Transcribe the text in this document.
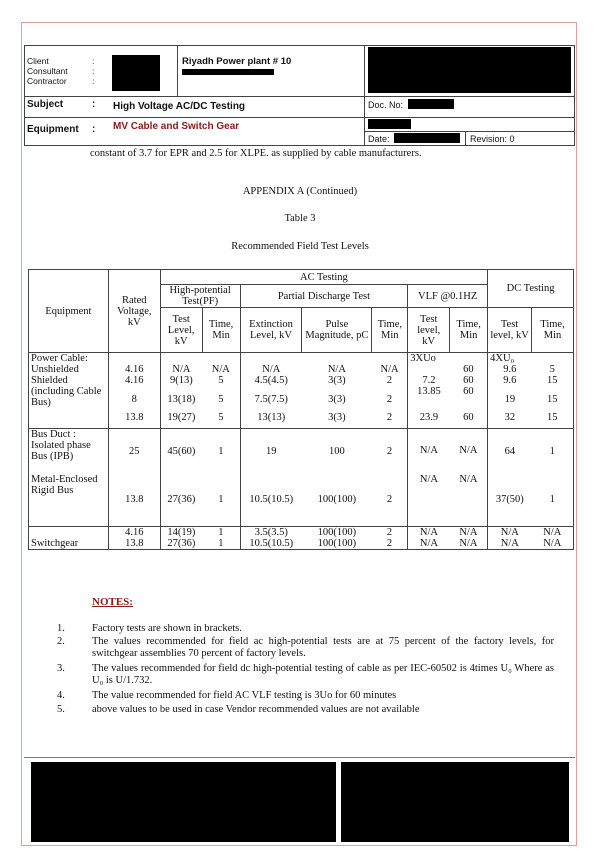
Client
Consultant
Contractor
:
:
:
Riyadh Power plant # 10
Subject	: High Voltage AC/DC Testing	Doc. No:
Equipment : MV Cable and Switch Gear
Date:	Revision: 0
constant of 3.7 for EPR and 2.5 for XLPE. as supplied by cable manufacturers.
APPENDIX A (Continued)
Table 3
Recommended Field Test Levels
Equipment	Rated Voltage, kV	AC Testing							DC Testing	
		High-potential Test(PF)		Partial Discharge Test			VLF @0.1HZ			
		Test Level, kV	Time, Min	Extinction Level, kV	Pulse Magnitude, pC	Time, Min	Test level, kV	Time, Min	Test level, kV	Time, Min
Power Cable:							3XUo		4XU₀	
Unshielded	4.16	N/A	N/A	N/A	N/A	N/A		60	9.6	5
Shielded	4.16	9(13)	5	4.5(4.5)	3(3)	2	7.2	60	9.6	15
(including Cable Bus)	8	13(18)	5	7.5(7.5)	3(3)	2	13.85	60	19	15
	13.8	19(27)	5	13(13)	3(3)	2	23.9	60	32	15
Bus Duct : Isolated phase Bus (IPB)	25	45(60)	1	19	100	2	N/A	N/A	64	1
Metal-Enclosed Rigid Bus	13.8	27(36)	1	10.5(10.5)	100(100)	2	N/A	N/A	37(50)	1
	4.16	14(19)	1	3.5(3.5)	100(100)	2	N/A	N/A	N/A	N/A
Switchgear	13.8	27(36)	1	10.5(10.5)	100(100)	2	N/A	N/A	N/A	N/A
NOTES:
1.	Factory tests are shown in brackets.
2.	The values recommended for field ac high-potential tests are at 75 percent of the factory levels, for switchgear assemblies 70 percent of factory levels.
3.	The values recommended for field dc high-potential testing of cable as per IEC-60502 is 4times U₀ Where as U₀ is U/1.732.
4.	The value recommended for field AC VLF testing is 3Uo for 60 minutes
5.	above values to be used in case Vendor recommended values are not available
